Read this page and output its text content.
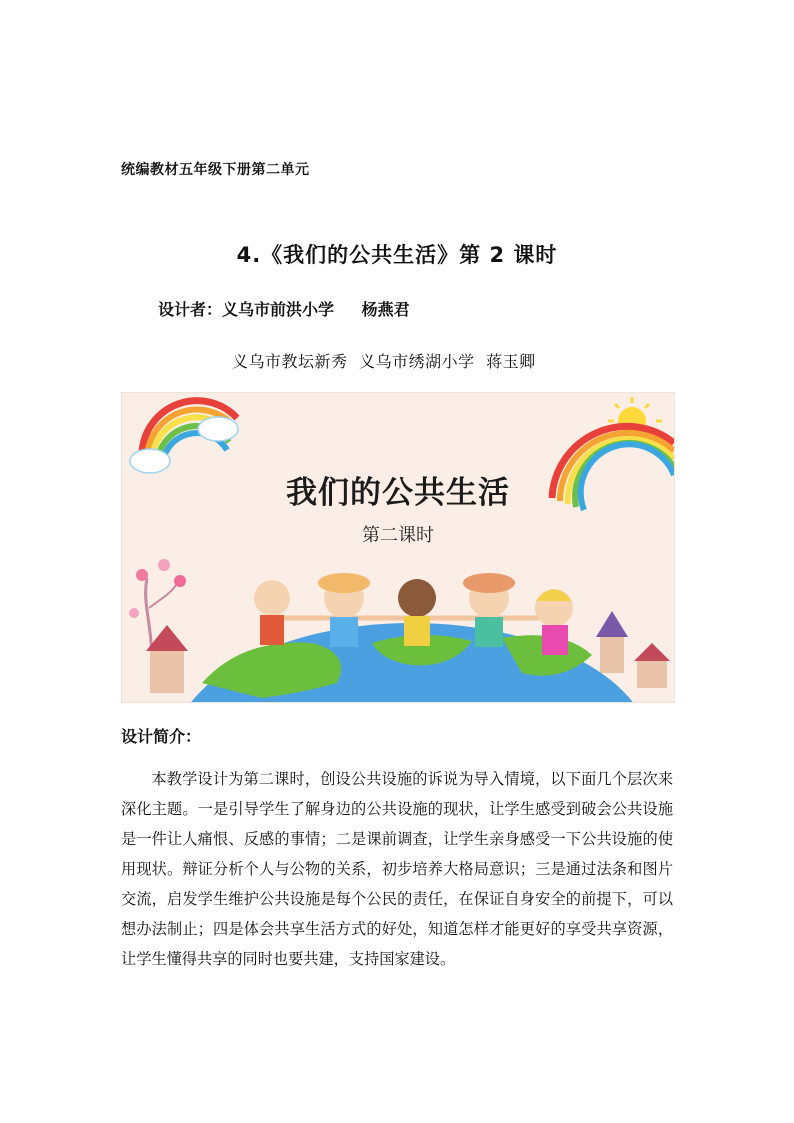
统编教材五年级下册第二单元
4.《我们的公共生活》第 2 课时
设计者：义乌市前洪小学 杨燕君
义乌市教坛新秀 义乌市绣湖小学 蒋玉卿
我们的公共生活
第二课时
设计简介：
本教学设计为第二课时，创设公共设施的诉说为导入情境，以下面几个层次来深化主题。一是引导学生了解身边的公共设施的现状，让学生感受到破会公共设施是一件让人痛恨、反感的事情；二是课前调查，让学生亲身感受一下公共设施的使用现状。辩证分析个人与公物的关系，初步培养大格局意识；三是通过法条和图片交流，启发学生维护公共设施是每个公民的责任，在保证自身安全的前提下，可以想办法制止；四是体会共享生活方式的好处，知道怎样才能更好的享受共享资源，让学生懂得共享的同时也要共建，支持国家建设。
